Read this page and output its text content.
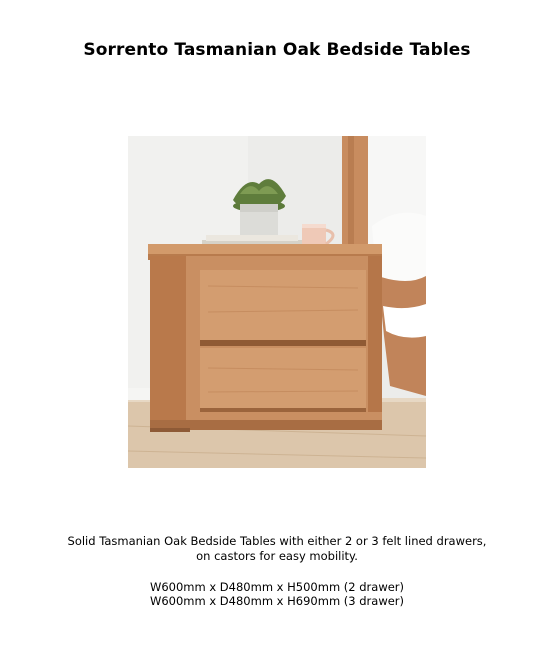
Sorrento Tasmanian Oak Bedside Tables
Solid Tasmanian Oak Bedside Tables with either 2 or 3 felt lined drawers,
on castors for easy mobility.
W600mm x D480mm x H500mm (2 drawer)
W600mm x D480mm x H690mm (3 drawer)
